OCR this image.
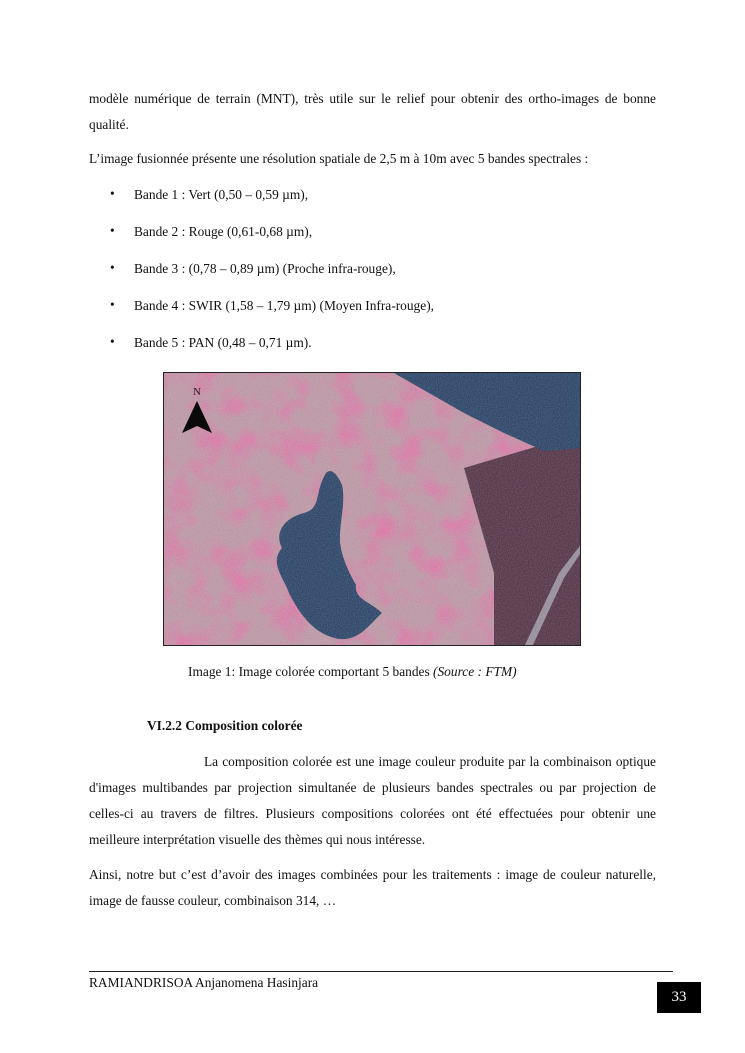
modèle numérique de terrain (MNT), très utile sur le relief pour obtenir des ortho-images de bonne qualité.

L’image fusionnée présente une résolution spatiale de 2,5 m à 10m avec 5 bandes spectrales :

• Bande 1 : Vert (0,50 – 0,59 µm),
• Bande 2 : Rouge (0,61-0,68 µm),
• Bande 3 : (0,78 – 0,89 µm) (Proche infra-rouge),
• Bande 4 : SWIR (1,58 – 1,79 µm) (Moyen Infra-rouge),
• Bande 5 : PAN (0,48 – 0,71 µm).
N
Image 1: Image colorée comportant 5 bandes (Source : FTM)
VI.2.2 Composition colorée

La composition colorée est une image couleur produite par la combinaison optique d'images multibandes par projection simultanée de plusieurs bandes spectrales ou par projection de celles-ci au travers de filtres. Plusieurs compositions colorées ont été effectuées pour obtenir une meilleure interprétation visuelle des thèmes qui nous intéresse.

Ainsi, notre but c’est d’avoir des images combinées pour les traitements : image de couleur naturelle, image de fausse couleur, combinaison 314, …

RAMIANDRISOA Anjanomena Hasinjara
33
